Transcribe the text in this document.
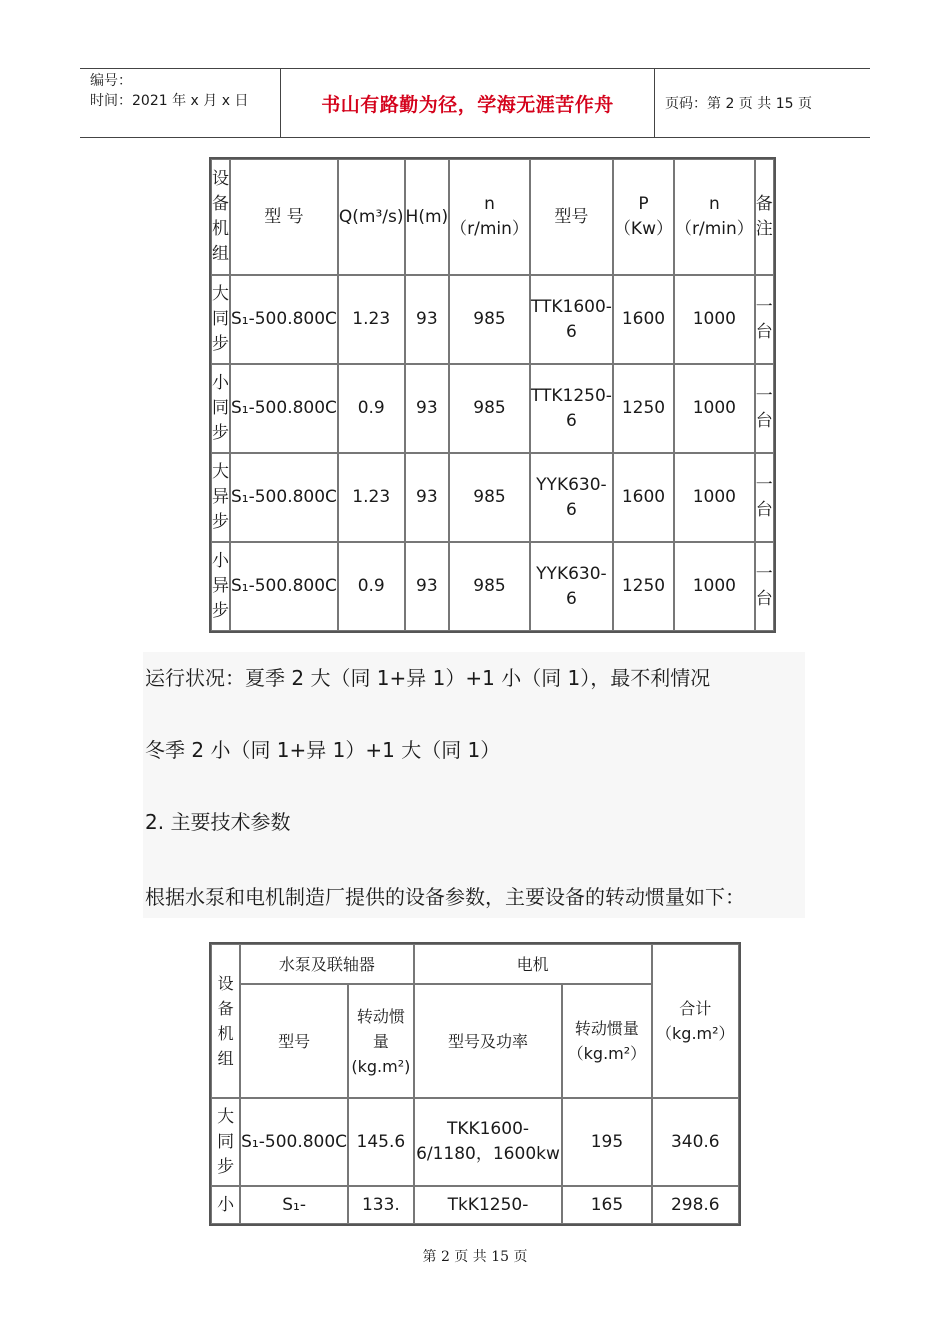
编号：
时间：2021 年 x 月 x 日	书山有路勤为径，学海无涯苦作舟	页码：第 2 页 共 15 页
设备机组	型 号	Q(m³/s)	H(m)	n（r/min）	型号	P（Kw）	n（r/min）	备注
大同步	S₁-500.800C	1.23	93	985	TTK1600-6	1600	1000	一台
小同步	S₁-500.800C	0.9	93	985	TTK1250-6	1250	1000	一台
大异步	S₁-500.800C	1.23	93	985	YYK630-6	1600	1000	一台
小异步	S₁-500.800C	0.9	93	985	YYK630-6	1250	1000	一台
运行状况：夏季 2 大（同 1+异 1）+1 小（同 1），最不利情况
冬季 2 小（同 1+异 1）+1 大（同 1）
2. 主要技术参数
根据水泵和电机制造厂提供的设备参数，主要设备的转动惯量如下：
设备机组	水泵及联轴器		电机		合计（kg.m²）
	型号	转动惯量(kg.m²)	型号及功率	转动惯量（kg.m²）	
大同步	S₁-500.800C	145.6	TKK1600-6/1180，1600kw	195	340.6
小	S₁-	133.	TkK1250-	165	298.6
第 2 页 共 15 页
